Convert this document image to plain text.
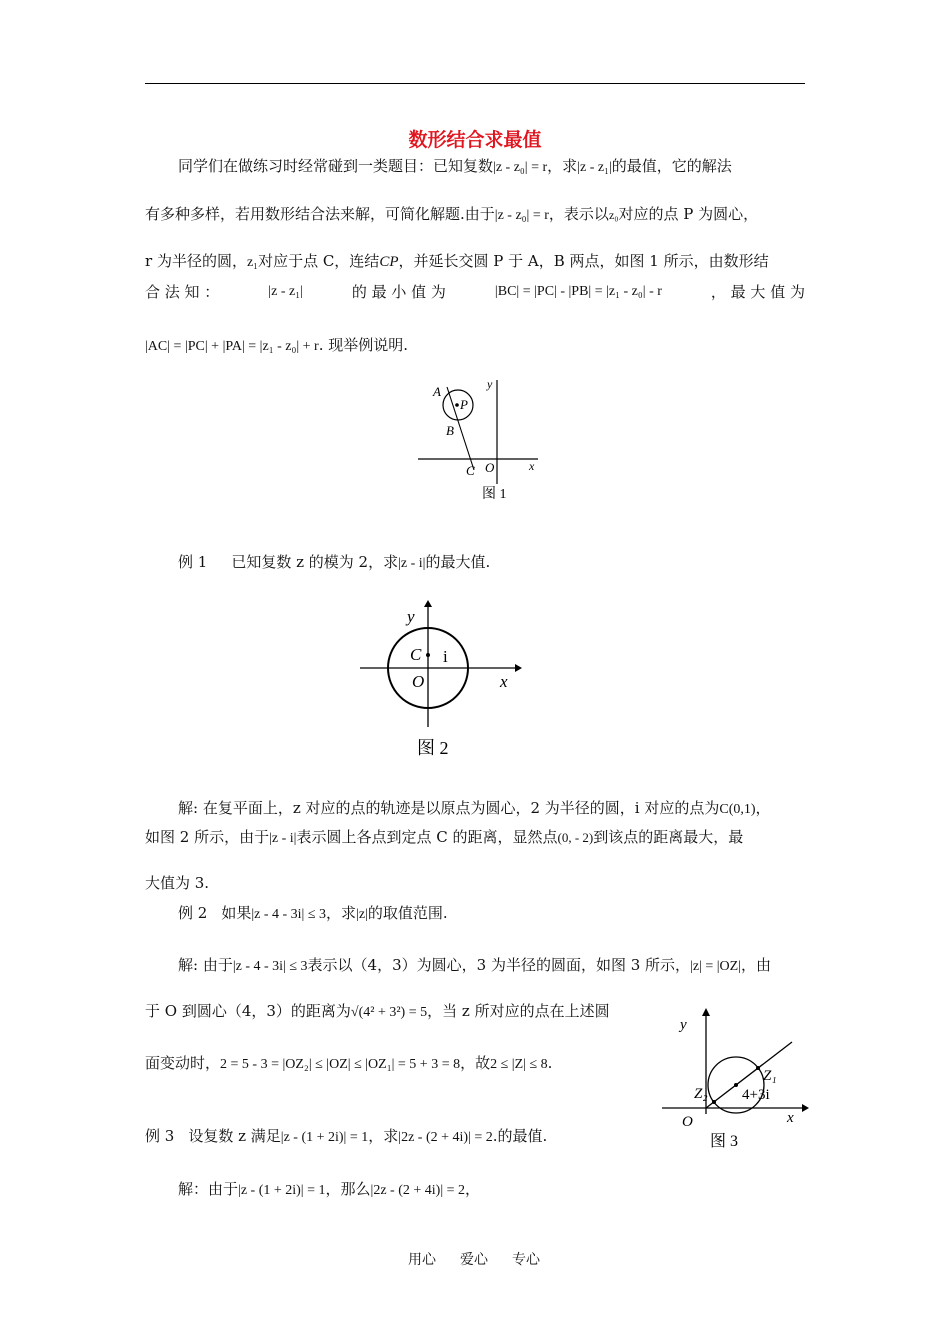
数形结合求最值
同学们在做练习时经常碰到一类题目：已知复数|z - z₀| = r，求|z - z₁|的最值，它的解法
有多种多样，若用数形结合法来解，可简化解题.由于|z - z₀| = r，表示以z₀对应的点 P 为圆心，
r 为半径的圆，z₁对应于点 C，连结CP，并延长交圆 P 于 A，B 两点，如图 1 所示，由数形结
合 法 知 ：	|z - z₁|	的 最 小 值 为	|BC| = |PC| - |PB| = |z₁ - z₀| - r	， 最 大 值 为
|AC| = |PC| + |PA| = |z₁ - z₀| + r. 现举例说明.
A
P
B
C O	x
y
图 1
例 1 已知复数 z 的模为 2，求|z - i|的最大值.
C i
O	x
y
图 2
解: 在复平面上，z 对应的点的轨迹是以原点为圆心，2 为半径的圆，i 对应的点为C(0,1)，
如图 2 所示，由于|z - i|表示圆上各点到定点 C 的距离，显然点(0, - 2)到该点的距离最大，最
大值为 3.
例 2 如果|z - 4 - 3i| ≤ 3，求|z|的取值范围.
解: 由于|z - 4 - 3i| ≤ 3表示以（4，3）为圆心，3 为半径的圆面，如图 3 所示，|z| = |OZ|，由
于 O 到圆心（4，3）的距离为√(4² + 3²) = 5，当 z 所对应的点在上述圆
面变动时，2 = 5 - 3 = |OZ₂| ≤ |OZ| ≤ |OZ₁| = 5 + 3 = 8，故2 ≤ |Z| ≤ 8.
y
x
O
Z₁
Z₂ 4+3i
图 3
例 3 设复数 z 满足|z - (1 + 2i)| = 1，求|2z - (2 + 4i)| = 2.的最值.
解：由于|z - (1 + 2i)| = 1，那么|2z - (2 + 4i)| = 2，
用心 爱心 专心
